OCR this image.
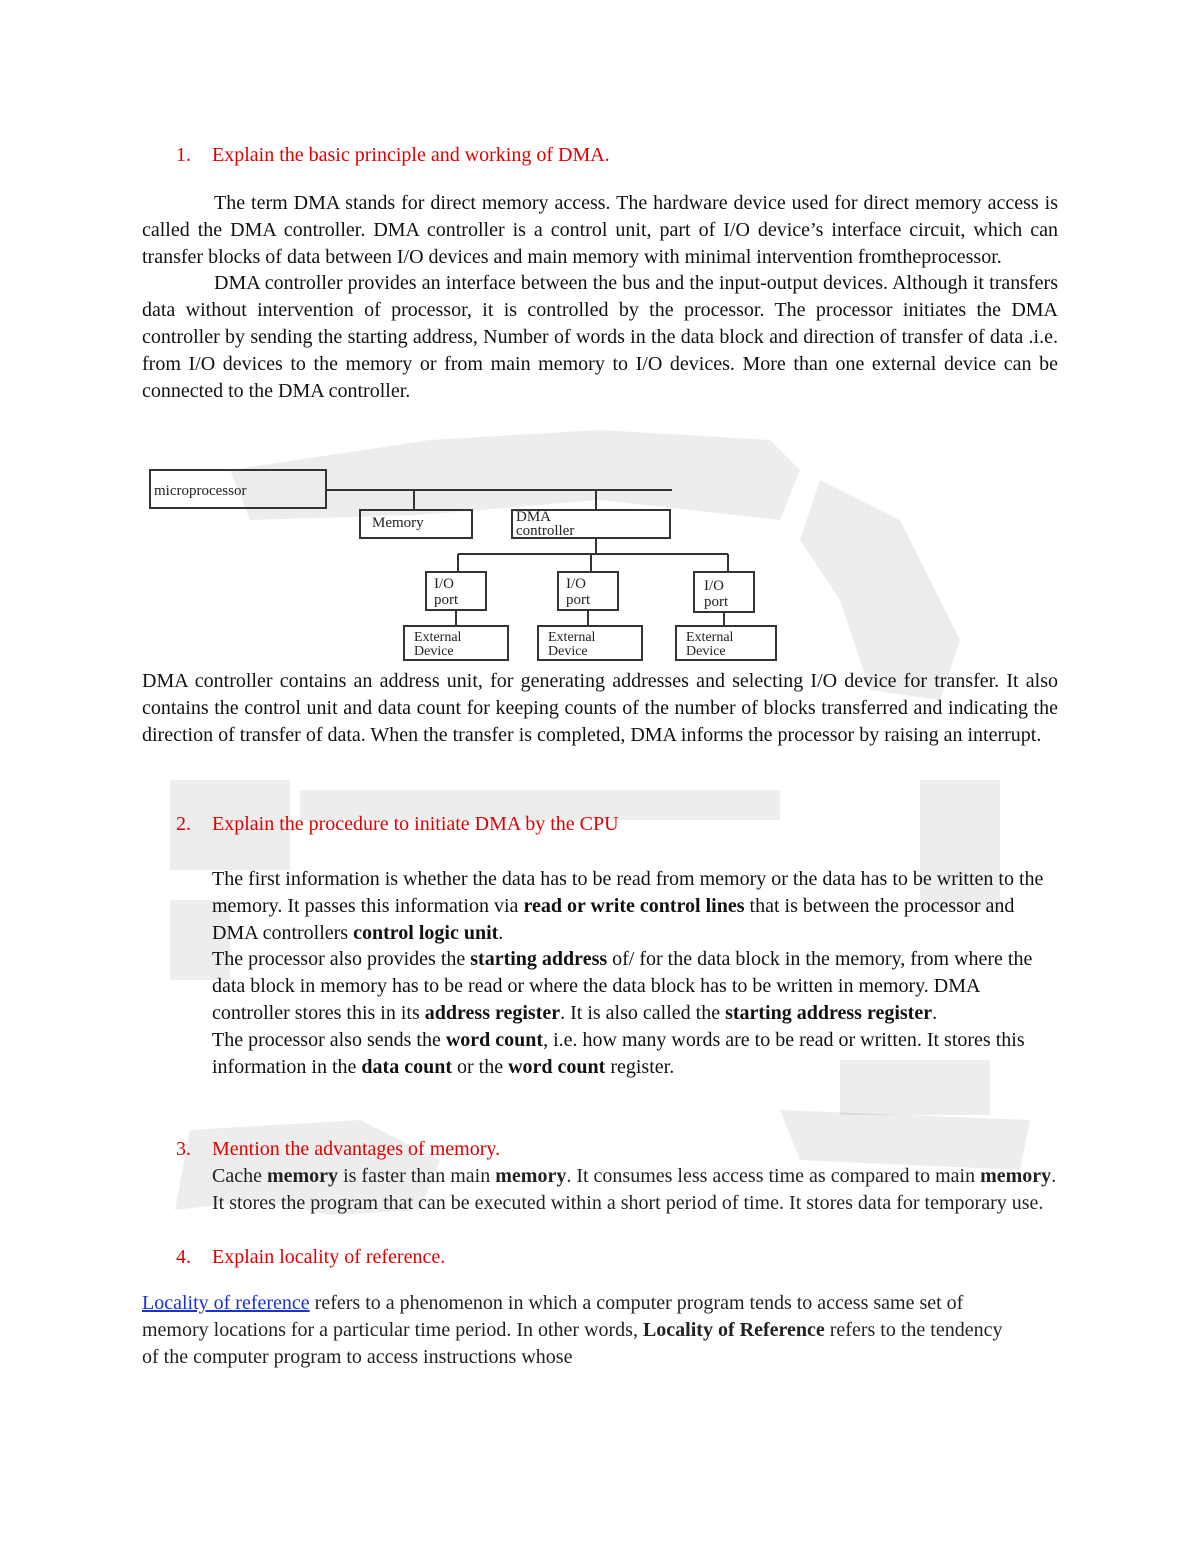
1. Explain the basic principle and working of DMA.

The term DMA stands for direct memory access. The hardware device used for direct memory access is called the DMA controller. DMA controller is a control unit, part of I/O device’s interface circuit, which can transfer blocks of data between I/O devices and main memory with minimal intervention fromtheprocessor.

DMA controller provides an interface between the bus and the input-output devices. Although it transfers data without intervention of processor, it is controlled by the processor. The processor initiates the DMA controller by sending the starting address, Number of words in the data block and direction of transfer of data .i.e. from I/O devices to the memory or from main memory to I/O devices. More than one external device can be connected to the DMA controller.

microprocessor
Memory	DMA
controller
I/O
port
I/O
port
I/O
port
External
Device
External
Device
External
Device

DMA controller contains an address unit, for generating addresses and selecting I/O device for transfer. It also contains the control unit and data count for keeping counts of the number of blocks transferred and indicating the direction of transfer of data. When the transfer is completed, DMA informs the processor by raising an interrupt.

2. Explain the procedure to initiate DMA by the CPU

The first information is whether the data has to be read from memory or the data has to be written to the memory. It passes this information via read or write control lines that is between the processor and DMA controllers control logic unit.

The processor also provides the starting address of/ for the data block in the memory, from where the data block in memory has to be read or where the data block has to be written in memory. DMA controller stores this in its address register. It is also called the starting address register.

The processor also sends the word count, i.e. how many words are to be read or written. It stores this information in the data count or the word count register.

3. Mention the advantages of memory.

Cache memory is faster than main memory. It consumes less access time as compared to main memory. It stores the program that can be executed within a short period of time. It stores data for temporary use.

4. Explain locality of reference.

Locality of reference refers to a phenomenon in which a computer program tends to access same set of memory locations for a particular time period. In other words, Locality of Reference refers to the tendency of the computer program to access instructions whose
